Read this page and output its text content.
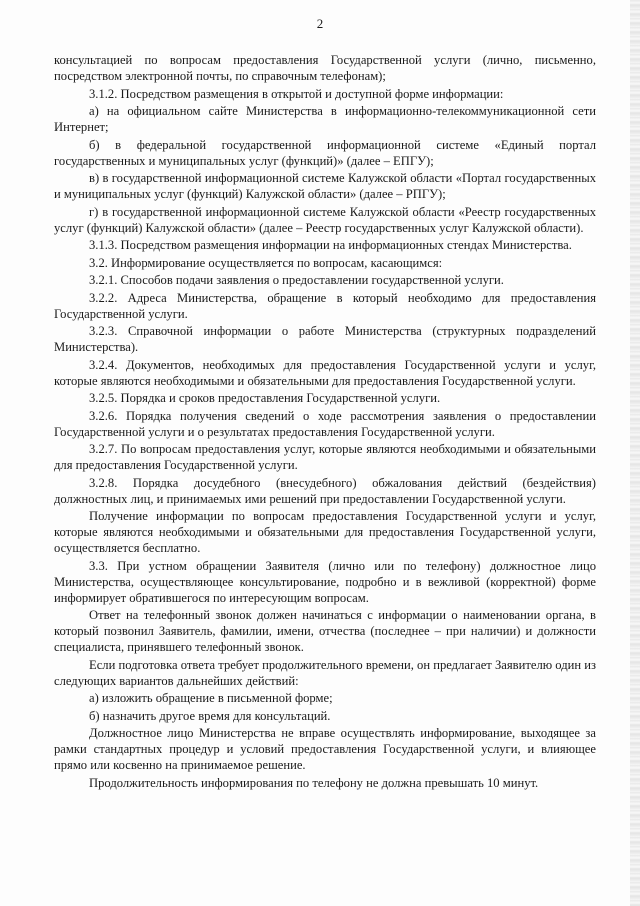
2

консультацией по вопросам предоставления Государственной услуги (лично, письменно, посредством электронной почты, по справочным телефонам);

3.1.2. Посредством размещения в открытой и доступной форме информации:

а) на официальном сайте Министерства в информационно-телекоммуникационной сети Интернет;

б) в федеральной государственной информационной системе «Единый портал государственных и муниципальных услуг (функций)» (далее – ЕПГУ);

в) в государственной информационной системе Калужской области «Портал государственных и муниципальных услуг (функций) Калужской области» (далее – РПГУ);

г) в государственной информационной системе Калужской области «Реестр государственных услуг (функций) Калужской области» (далее – Реестр государственных услуг Калужской области).

3.1.3. Посредством размещения информации на информационных стендах Министерства.

3.2. Информирование осуществляется по вопросам, касающимся:

3.2.1. Способов подачи заявления о предоставлении государственной услуги.

3.2.2. Адреса Министерства, обращение в который необходимо для предоставления Государственной услуги.

3.2.3. Справочной информации о работе Министерства (структурных подразделений Министерства).

3.2.4. Документов, необходимых для предоставления Государственной услуги и услуг, которые являются необходимыми и обязательными для предоставления Государственной услуги.

3.2.5. Порядка и сроков предоставления Государственной услуги.

3.2.6. Порядка получения сведений о ходе рассмотрения заявления о предоставлении Государственной услуги и о результатах предоставления Государственной услуги.

3.2.7. По вопросам предоставления услуг, которые являются необходимыми и обязательными для предоставления Государственной услуги.

3.2.8. Порядка досудебного (внесудебного) обжалования действий (бездействия) должностных лиц, и принимаемых ими решений при предоставлении Государственной услуги.

Получение информации по вопросам предоставления Государственной услуги и услуг, которые являются необходимыми и обязательными для предоставления Государственной услуги, осуществляется бесплатно.

3.3. При устном обращении Заявителя (лично или по телефону) должностное лицо Министерства, осуществляющее консультирование, подробно и в вежливой (корректной) форме информирует обратившегося по интересующим вопросам.

Ответ на телефонный звонок должен начинаться с информации о наименовании органа, в который позвонил Заявитель, фамилии, имени, отчества (последнее – при наличии) и должности специалиста, принявшего телефонный звонок.

Если подготовка ответа требует продолжительного времени, он предлагает Заявителю один из следующих вариантов дальнейших действий:

а) изложить обращение в письменной форме;

б) назначить другое время для консультаций.

Должностное лицо Министерства не вправе осуществлять информирование, выходящее за рамки стандартных процедур и условий предоставления Государственной услуги, и влияющее прямо или косвенно на принимаемое решение.

Продолжительность информирования по телефону не должна превышать 10 минут.
